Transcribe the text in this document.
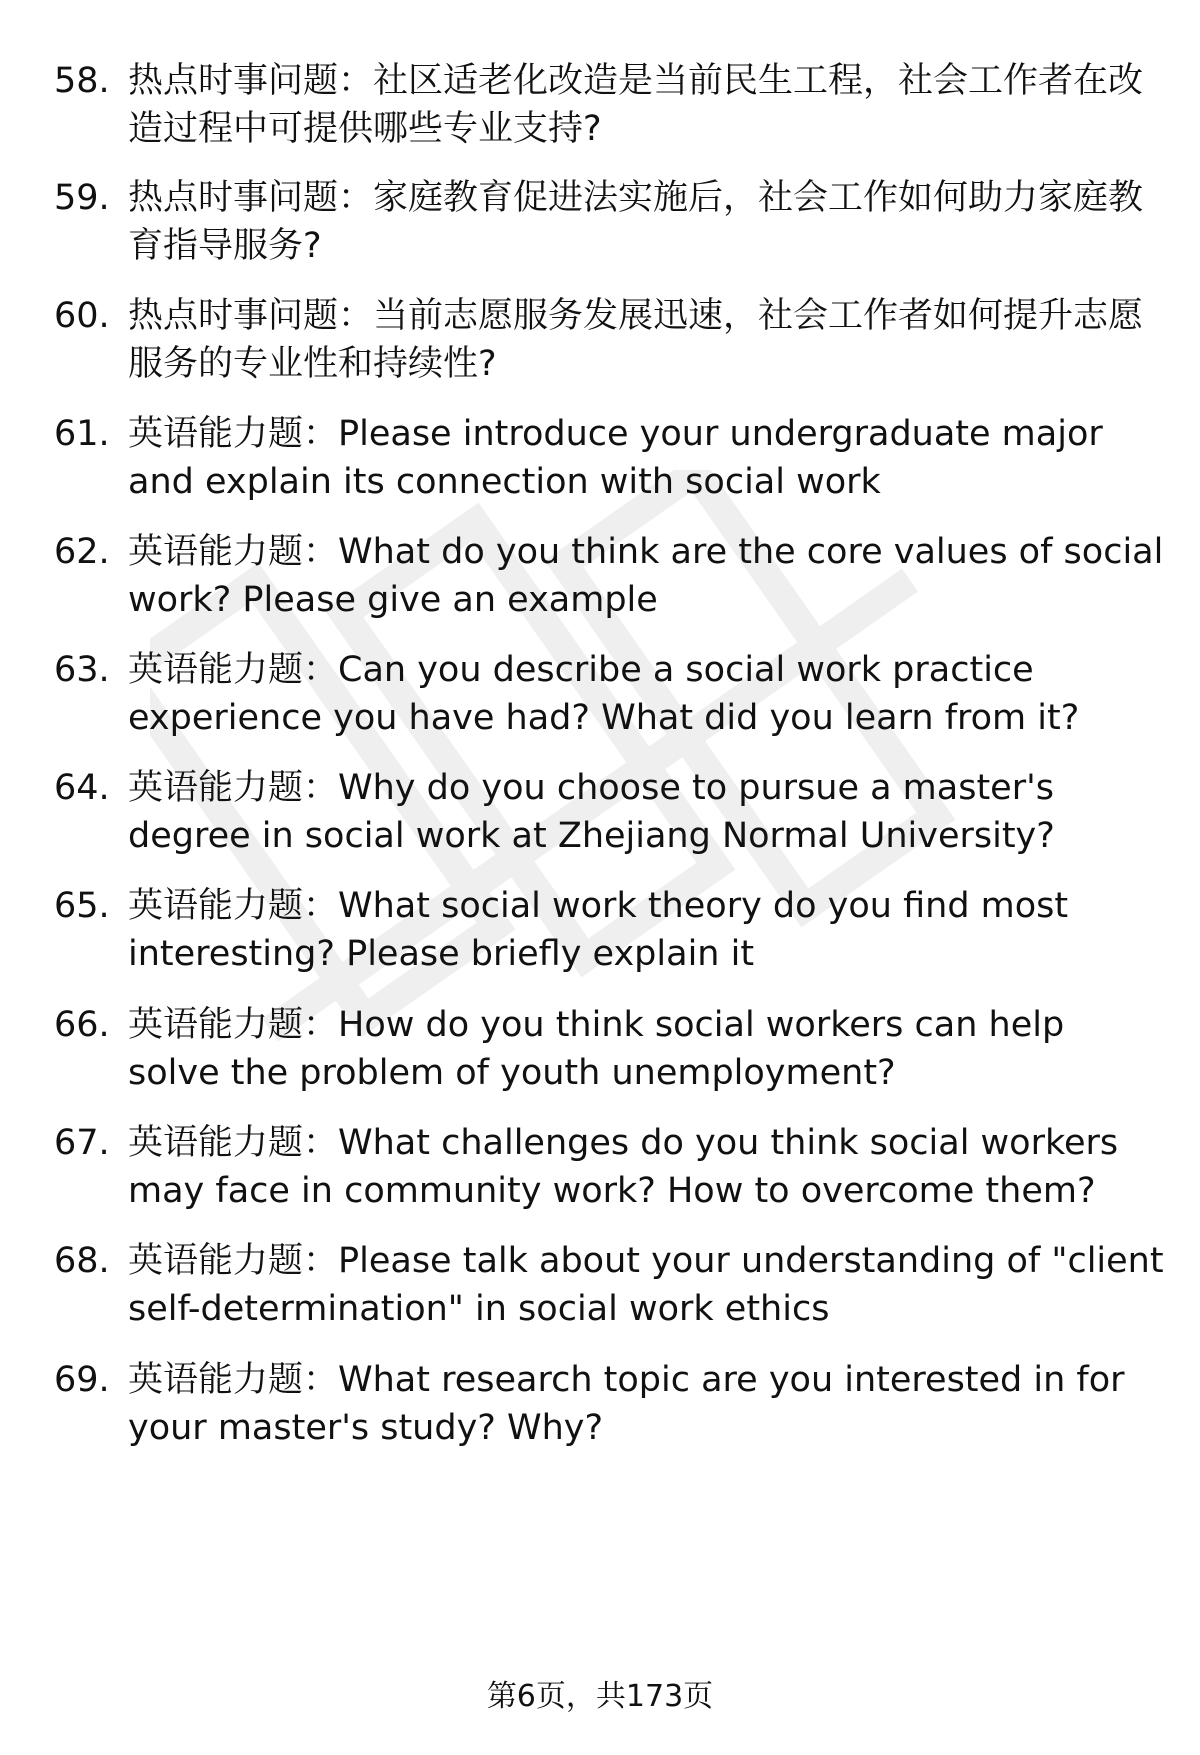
58. 热点时事问题：社区适老化改造是当前民生工程，社会工作者在改造过程中可提供哪些专业支持?
59. 热点时事问题：家庭教育促进法实施后，社会工作如何助力家庭教育指导服务?
60. 热点时事问题：当前志愿服务发展迅速，社会工作者如何提升志愿服务的专业性和持续性?
61. 英语能力题：Please introduce your undergraduate major and explain its connection with social work
62. 英语能力题：What do you think are the core values of social work? Please give an example
63. 英语能力题：Can you describe a social work practice experience you have had? What did you learn from it?
64. 英语能力题：Why do you choose to pursue a master's degree in social work at Zhejiang Normal University?
65. 英语能力题：What social work theory do you find most interesting? Please briefly explain it
66. 英语能力题：How do you think social workers can help solve the problem of youth unemployment?
67. 英语能力题：What challenges do you think social workers may face in community work? How to overcome them?
68. 英语能力题：Please talk about your understanding of "client self-determination" in social work ethics
69. 英语能力题：What research topic are you interested in for your master's study? Why?
第6页，共173页
